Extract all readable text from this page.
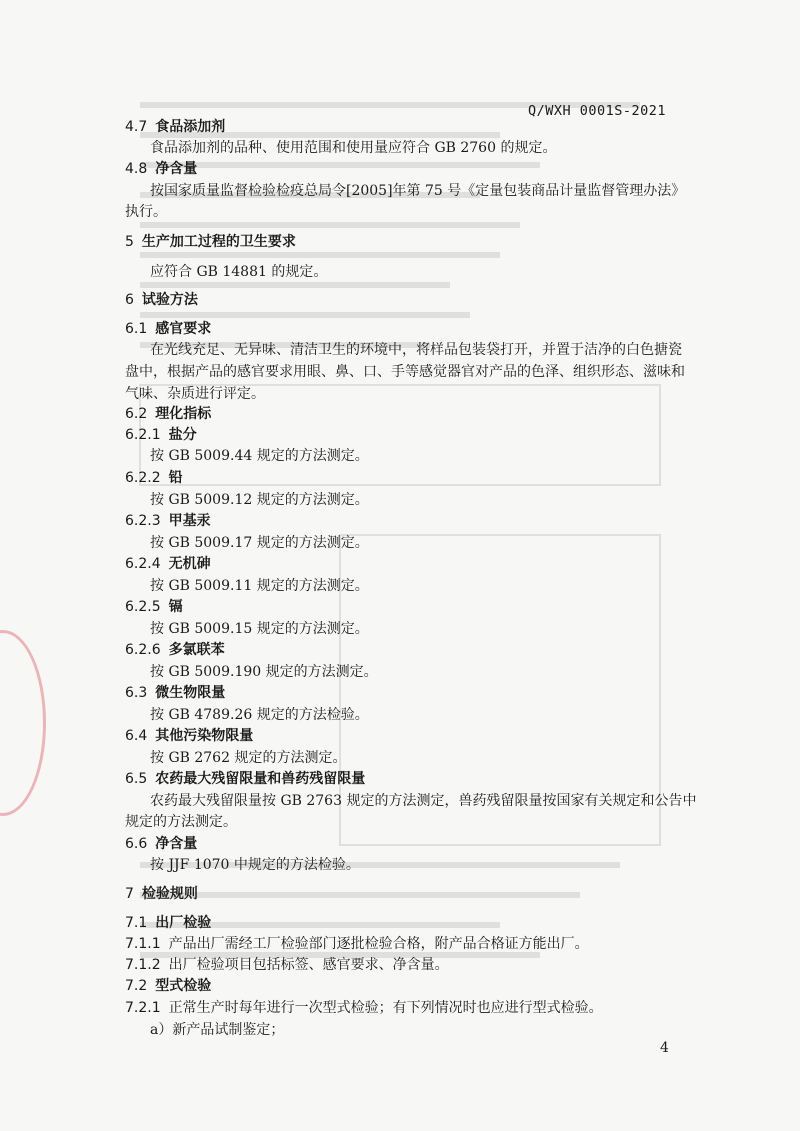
Q/WXH 0001S-2021
4.7 食品添加剂
食品添加剂的品种、使用范围和使用量应符合 GB 2760 的规定。
4.8 净含量
按国家质量监督检验检疫总局令[2005]年第 75 号《定量包装商品计量监督管理办法》
执行。
5 生产加工过程的卫生要求
应符合 GB 14881 的规定。
6 试验方法
6.1 感官要求
在光线充足、无异味、清洁卫生的环境中，将样品包装袋打开，并置于洁净的白色搪瓷
盘中，根据产品的感官要求用眼、鼻、口、手等感觉器官对产品的色泽、组织形态、滋味和
气味、杂质进行评定。
6.2 理化指标
6.2.1 盐分
按 GB 5009.44 规定的方法测定。
6.2.2 铅
按 GB 5009.12 规定的方法测定。
6.2.3 甲基汞
按 GB 5009.17 规定的方法测定。
6.2.4 无机砷
按 GB 5009.11 规定的方法测定。
6.2.5 镉
按 GB 5009.15 规定的方法测定。
6.2.6 多氯联苯
按 GB 5009.190 规定的方法测定。
6.3 微生物限量
按 GB 4789.26 规定的方法检验。
6.4 其他污染物限量
按 GB 2762 规定的方法测定。
6.5 农药最大残留限量和兽药残留限量
农药最大残留限量按 GB 2763 规定的方法测定，兽药残留限量按国家有关规定和公告中
规定的方法测定。
6.6 净含量
按 JJF 1070 中规定的方法检验。
7 检验规则
7.1 出厂检验
7.1.1 产品出厂需经工厂检验部门逐批检验合格，附产品合格证方能出厂。
7.1.2 出厂检验项目包括标签、感官要求、净含量。
7.2 型式检验
7.2.1 正常生产时每年进行一次型式检验；有下列情况时也应进行型式检验。
a）新产品试制鉴定；
4
